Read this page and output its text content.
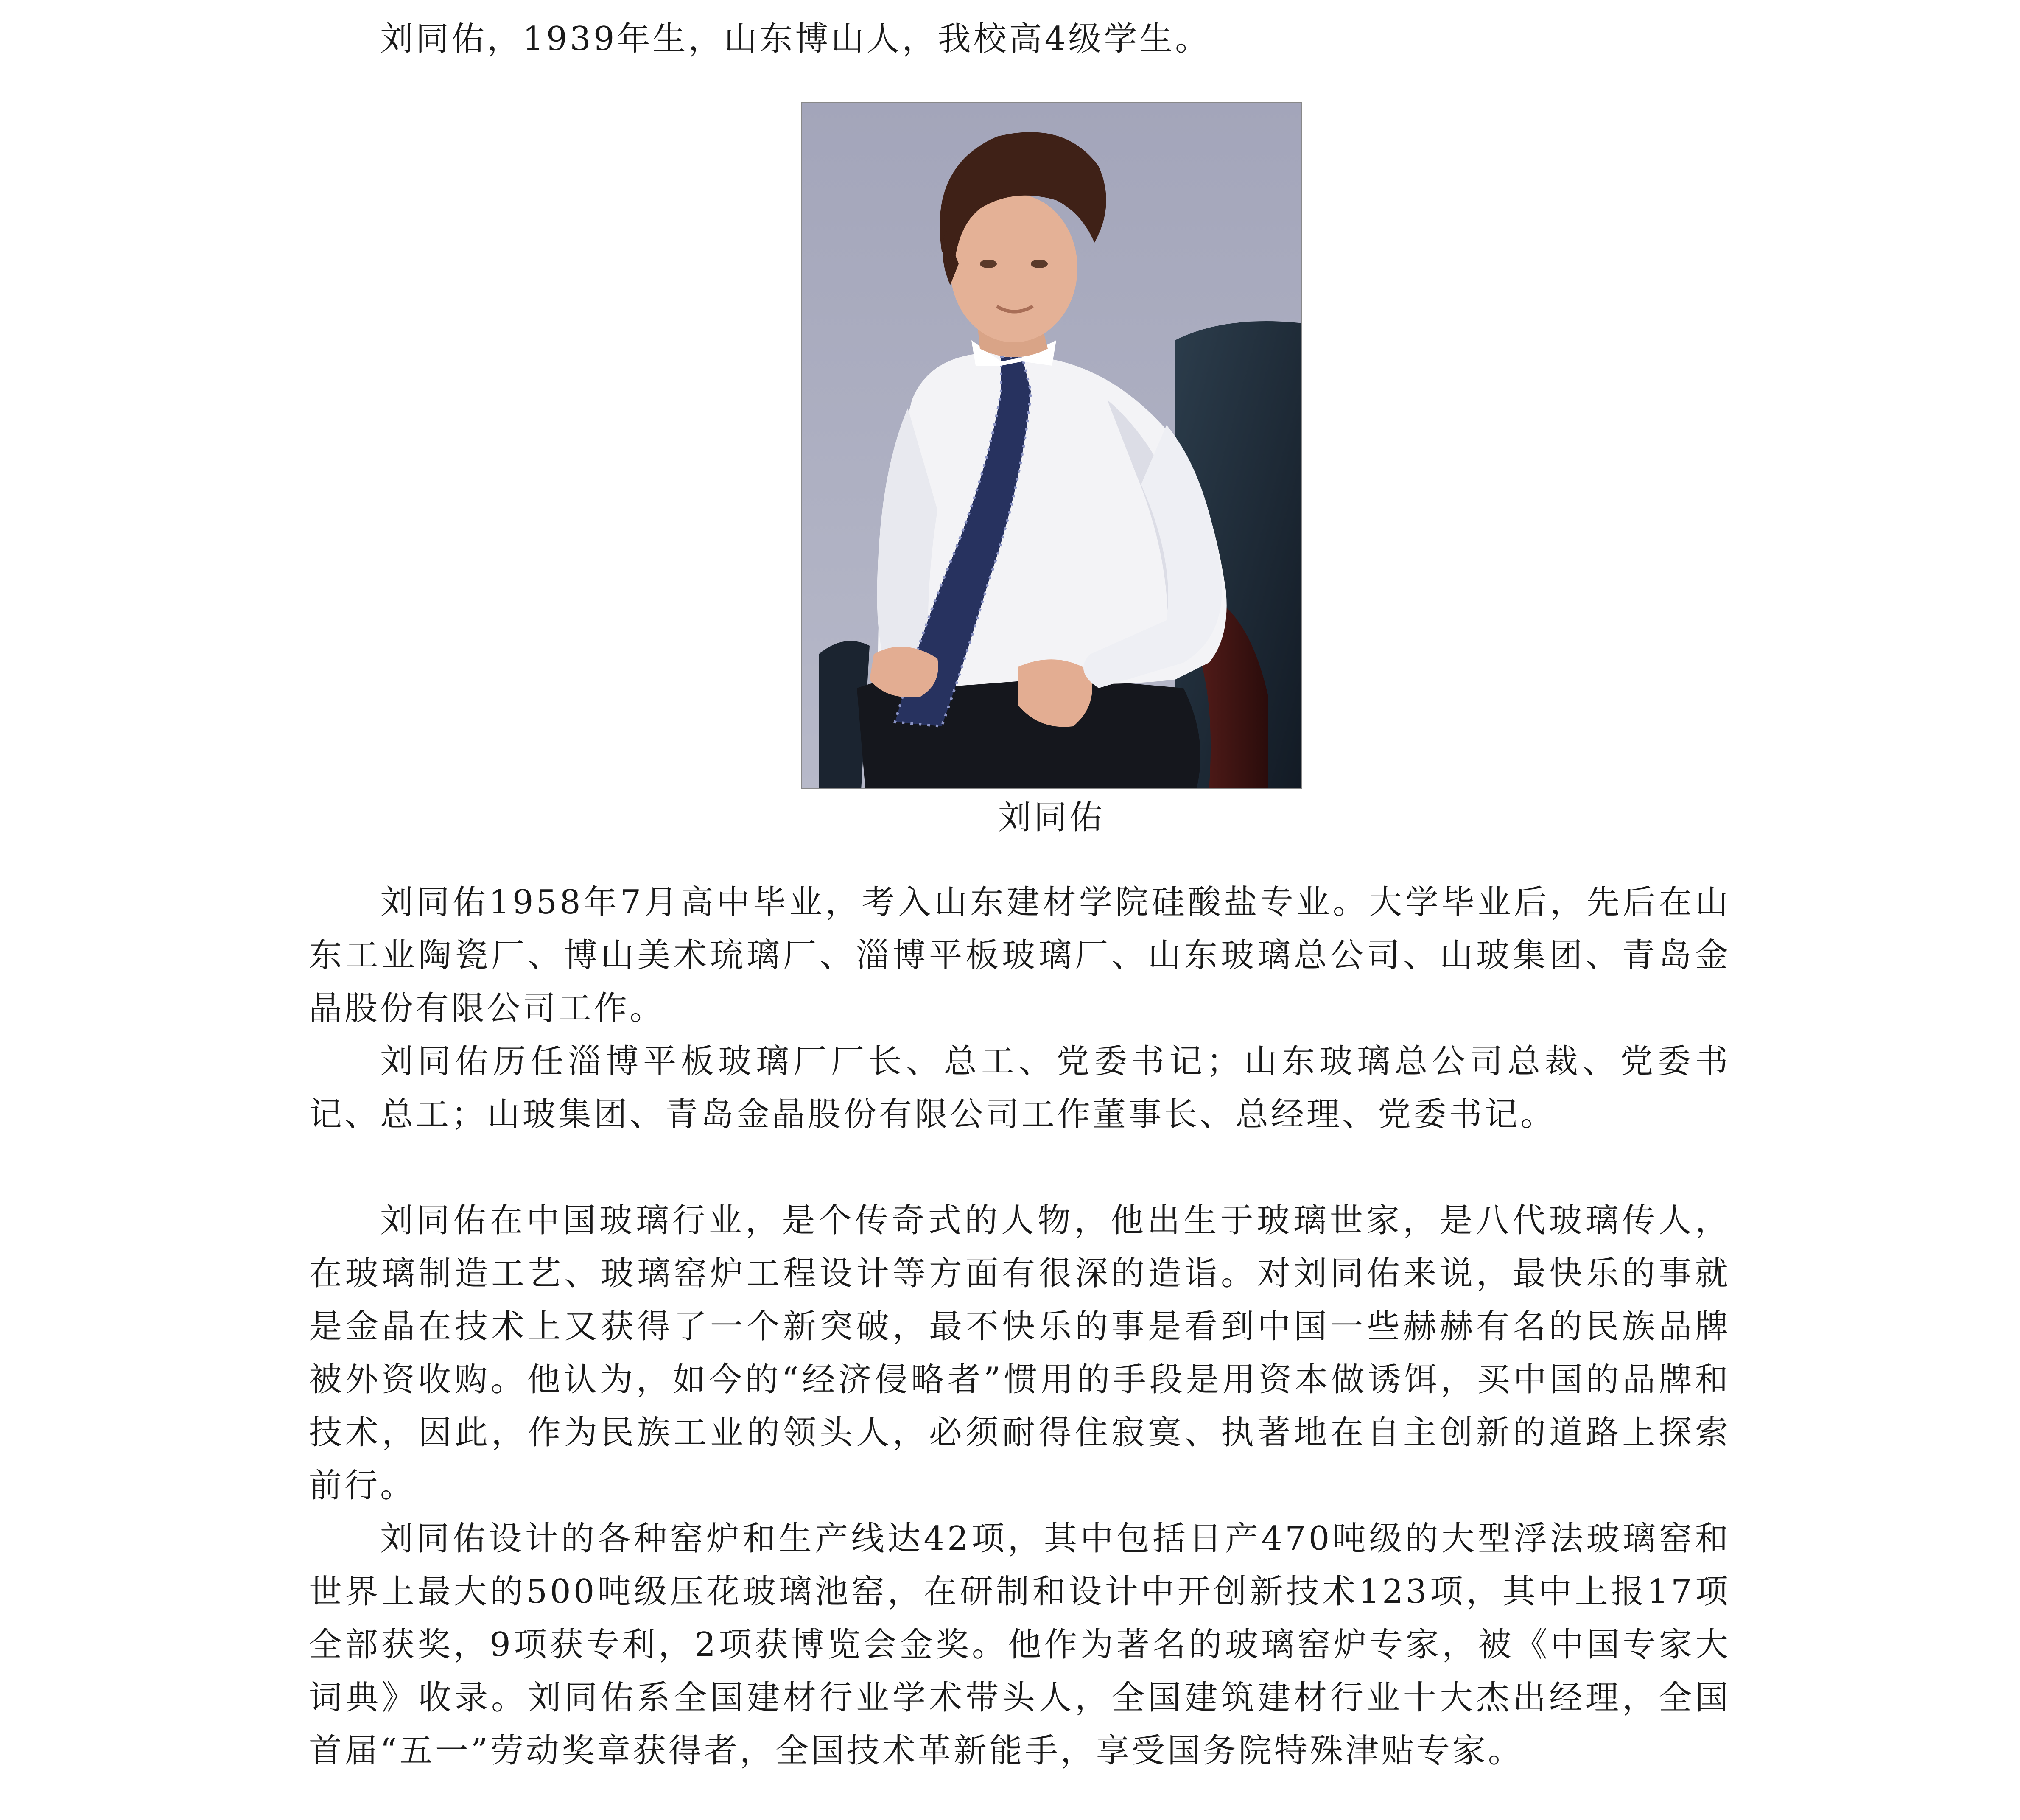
刘同佑，1939年生，山东博山人，我校高4级学生。

刘同佑

刘同佑1958年7月高中毕业，考入山东建材学院硅酸盐专业。大学毕业后，先后在山东工业陶瓷厂、博山美术琉璃厂、淄博平板玻璃厂、山东玻璃总公司、山玻集团、青岛金晶股份有限公司工作。

刘同佑历任淄博平板玻璃厂厂长、总工、党委书记；山东玻璃总公司总裁、党委书记、总工；山玻集团、青岛金晶股份有限公司工作董事长、总经理、党委书记。

刘同佑在中国玻璃行业，是个传奇式的人物，他出生于玻璃世家，是八代玻璃传人，在玻璃制造工艺、玻璃窑炉工程设计等方面有很深的造诣。对刘同佑来说，最快乐的事就是金晶在技术上又获得了一个新突破，最不快乐的事是看到中国一些赫赫有名的民族品牌被外资收购。他认为，如今的“经济侵略者”惯用的手段是用资本做诱饵，买中国的品牌和技术，因此，作为民族工业的领头人，必须耐得住寂寞、执著地在自主创新的道路上探索前行。

刘同佑设计的各种窑炉和生产线达42项，其中包括日产470吨级的大型浮法玻璃窑和世界上最大的500吨级压花玻璃池窑，在研制和设计中开创新技术123项，其中上报17项全部获奖，9项获专利，2项获博览会金奖。他作为著名的玻璃窑炉专家，被《中国专家大词典》收录。刘同佑系全国建材行业学术带头人，全国建筑建材行业十大杰出经理，全国首届“五一”劳动奖章获得者，全国技术革新能手，享受国务院特殊津贴专家。
